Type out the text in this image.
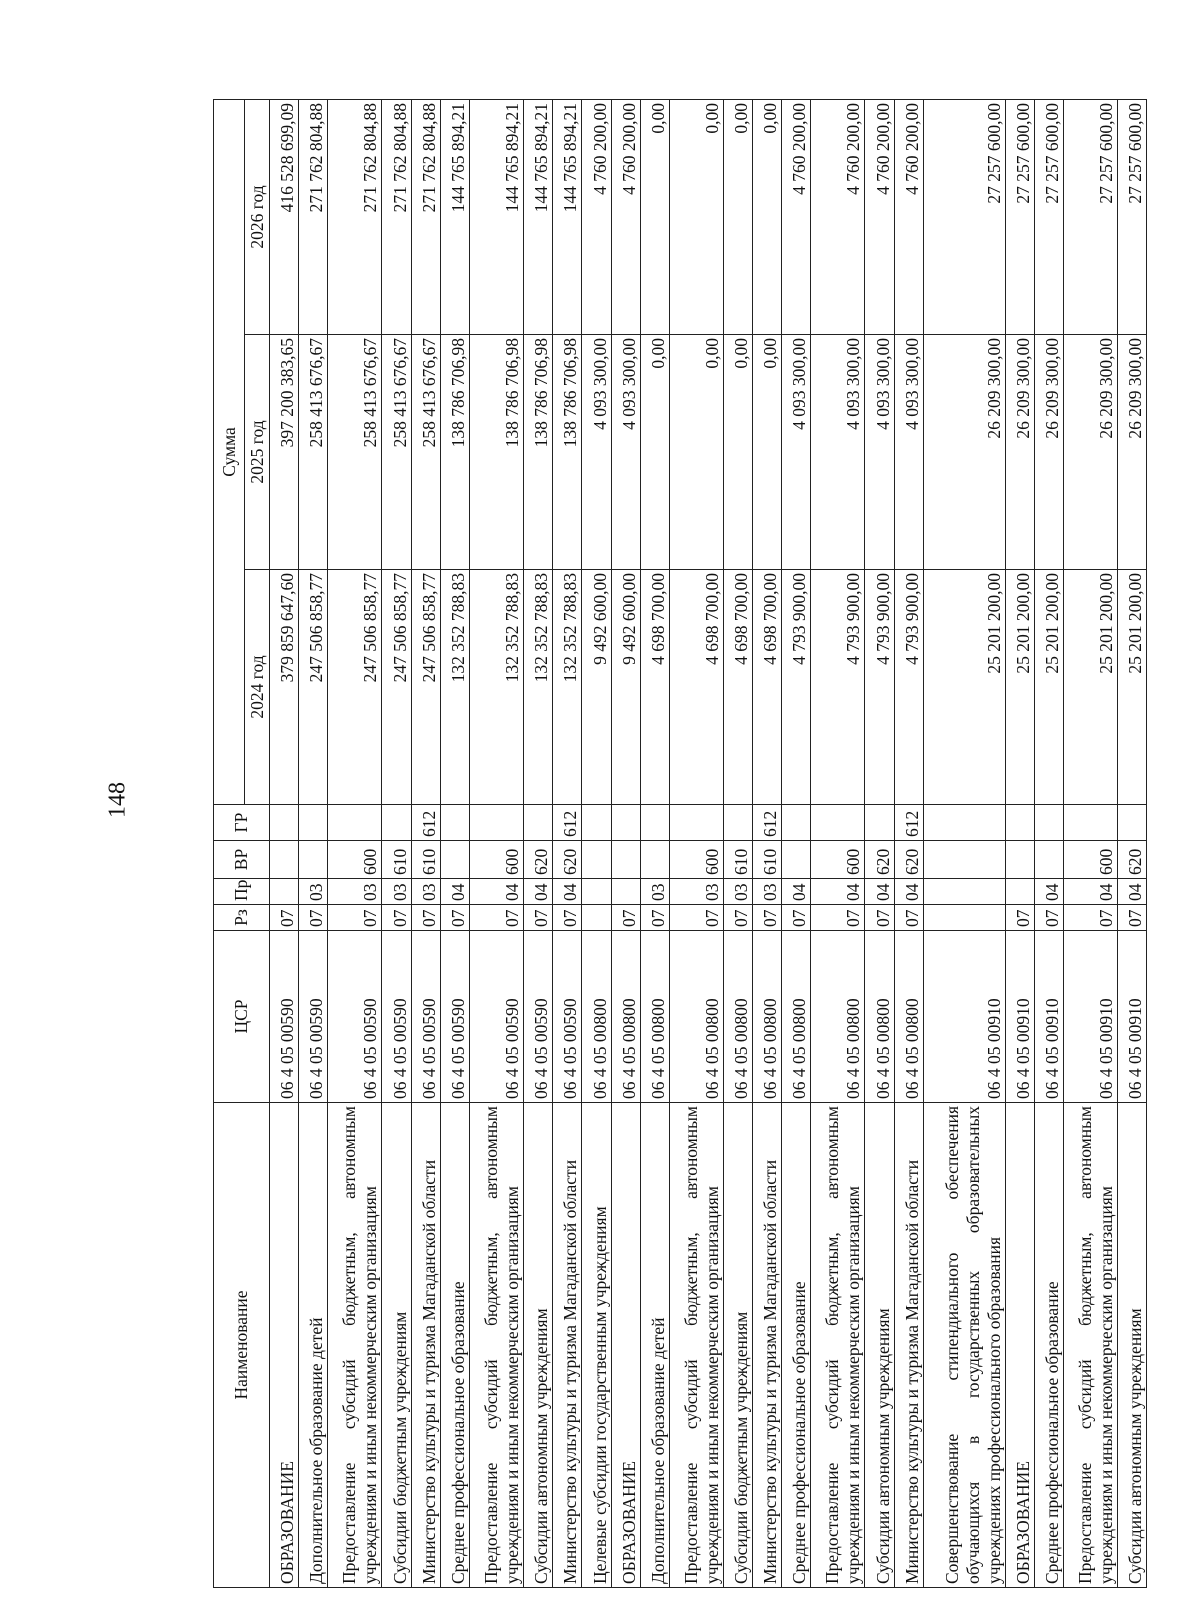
148
Наименование	ЦСР	Рз	Пр	ВР	ГР	Сумма		
						2024 год	2025 год	2026 год
ОБРАЗОВАНИЕ	06 4 05 00590	07				379 859 647,60	397 200 383,65	416 528 699,09
Дополнительное образование детей	06 4 05 00590	07	03			247 506 858,77	258 413 676,67	271 762 804,88
Предоставление субсидий бюджетным, автономным учреждениям и иным некоммерческим организациям	06 4 05 00590	07	03	600		247 506 858,77	258 413 676,67	271 762 804,88
Субсидии бюджетным учреждениям	06 4 05 00590	07	03	610		247 506 858,77	258 413 676,67	271 762 804,88
Министерство культуры и туризма Магаданской области	06 4 05 00590	07	03	610	612	247 506 858,77	258 413 676,67	271 762 804,88
Среднее профессиональное образование	06 4 05 00590	07	04			132 352 788,83	138 786 706,98	144 765 894,21
Предоставление субсидий бюджетным, автономным учреждениям и иным некоммерческим организациям	06 4 05 00590	07	04	600		132 352 788,83	138 786 706,98	144 765 894,21
Субсидии автономным учреждениям	06 4 05 00590	07	04	620		132 352 788,83	138 786 706,98	144 765 894,21
Министерство культуры и туризма Магаданской области	06 4 05 00590	07	04	620	612	132 352 788,83	138 786 706,98	144 765 894,21
Целевые субсидии государственным учреждениям	06 4 05 00800					9 492 600,00	4 093 300,00	4 760 200,00
ОБРАЗОВАНИЕ	06 4 05 00800	07				9 492 600,00	4 093 300,00	4 760 200,00
Дополнительное образование детей	06 4 05 00800	07	03			4 698 700,00	0,00	0,00
Предоставление субсидий бюджетным, автономным учреждениям и иным некоммерческим организациям	06 4 05 00800	07	03	600		4 698 700,00	0,00	0,00
Субсидии бюджетным учреждениям	06 4 05 00800	07	03	610		4 698 700,00	0,00	0,00
Министерство культуры и туризма Магаданской области	06 4 05 00800	07	03	610	612	4 698 700,00	0,00	0,00
Среднее профессиональное образование	06 4 05 00800	07	04			4 793 900,00	4 093 300,00	4 760 200,00
Предоставление субсидий бюджетным, автономным учреждениям и иным некоммерческим организациям	06 4 05 00800	07	04	600		4 793 900,00	4 093 300,00	4 760 200,00
Субсидии автономным учреждениям	06 4 05 00800	07	04	620		4 793 900,00	4 093 300,00	4 760 200,00
Министерство культуры и туризма Магаданской области	06 4 05 00800	07	04	620	612	4 793 900,00	4 093 300,00	4 760 200,00
Совершенствование стипендиального обеспечения обучающихся в государственных образовательных учреждениях профессионального образования	06 4 05 00910					25 201 200,00	26 209 300,00	27 257 600,00
ОБРАЗОВАНИЕ	06 4 05 00910	07				25 201 200,00	26 209 300,00	27 257 600,00
Среднее профессиональное образование	06 4 05 00910	07	04			25 201 200,00	26 209 300,00	27 257 600,00
Предоставление субсидий бюджетным, автономным учреждениям и иным некоммерческим организациям	06 4 05 00910	07	04	600		25 201 200,00	26 209 300,00	27 257 600,00
Субсидии автономным учреждениям	06 4 05 00910	07	04	620		25 201 200,00	26 209 300,00	27 257 600,00
